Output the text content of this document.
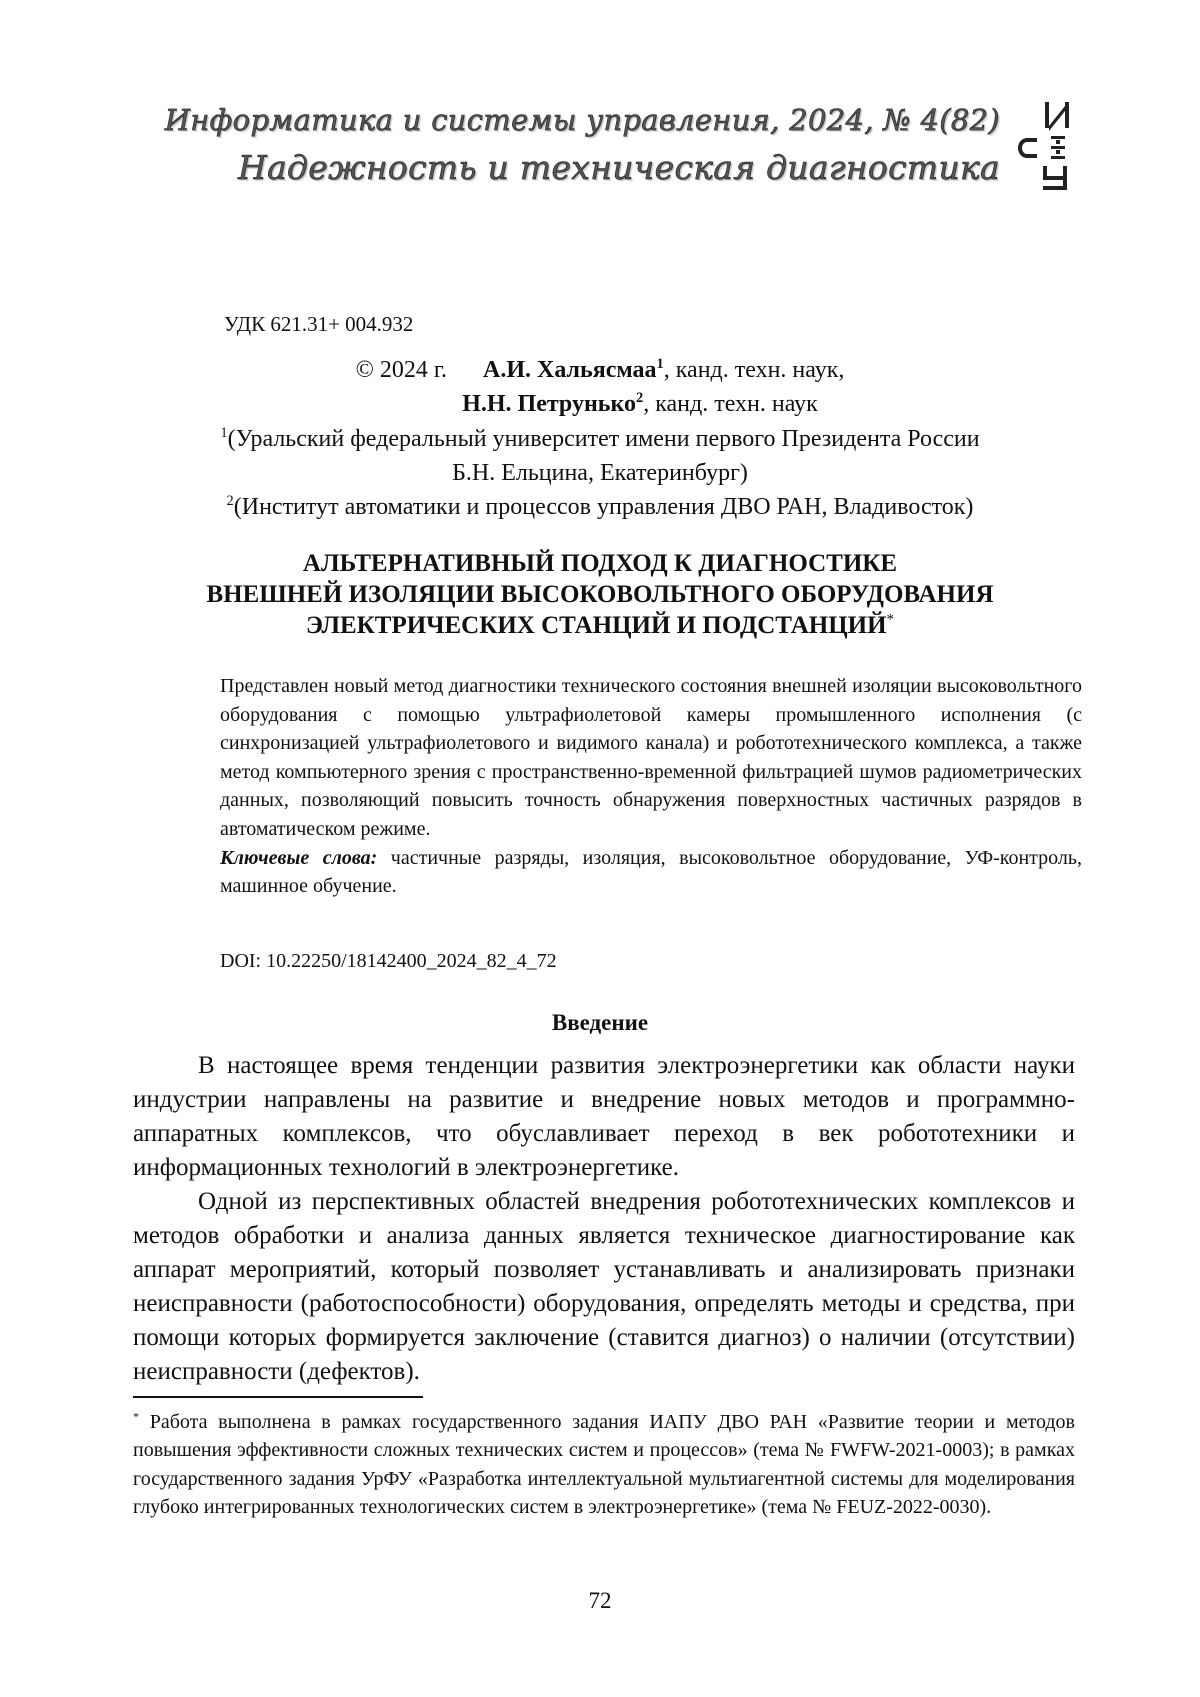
Информатика и системы управления, 2024, № 4(82)
Надежность и техническая диагностика
УДК 621.31+ 004.932
© 2024 г. А.И. Хальясмаа1, канд. техн. наук,
Н.Н. Петрунько2, канд. техн. наук
1(Уральский федеральный университет имени первого Президента России
Б.Н. Ельцина, Екатеринбург)
2(Институт автоматики и процессов управления ДВО РАН, Владивосток)
АЛЬТЕРНАТИВНЫЙ ПОДХОД К ДИАГНОСТИКЕ
ВНЕШНЕЙ ИЗОЛЯЦИИ ВЫСОКОВОЛЬТНОГО ОБОРУДОВАНИЯ
ЭЛЕКТРИЧЕСКИХ СТАНЦИЙ И ПОДСТАНЦИЙ*

Представлен новый метод диагностики технического состояния внешней изоляции высоковольтного оборудования с помощью ультрафиолетовой камеры промышленного исполнения (с синхронизацией ультрафиолетового и видимого канала) и робототехнического комплекса, а также метод компьютерного зрения с пространственно-временной фильтрацией шумов радиометрических данных, позволяющий повысить точность обнаружения поверхностных частичных разрядов в автоматическом режиме.

Ключевые слова: частичные разряды, изоляция, высоковольтное оборудование, УФ-контроль, машинное обучение.

DOI: 10.22250/18142400_2024_82_4_72
Введение

В настоящее время тенденции развития электроэнергетики как области науки индустрии направлены на развитие и внедрение новых методов и программно-аппаратных комплексов, что обуславливает переход в век робототехники и информационных технологий в электроэнергетике.

Одной из перспективных областей внедрения робототехнических комплексов и методов обработки и анализа данных является техническое диагностирование как аппарат мероприятий, который позволяет устанавливать и анализировать признаки неисправности (работоспособности) оборудования, определять методы и средства, при помощи которых формируется заключение (ставится диагноз) о наличии (отсутствии) неисправности (дефектов).

* Работа выполнена в рамках государственного задания ИАПУ ДВО РАН «Развитие теории и методов повышения эффективности сложных технических систем и процессов» (тема № FWFW-2021-0003); в рамках государственного задания УрФУ «Разработка интеллектуальной мультиагентной системы для моделирования глубоко интегрированных технологических систем в электроэнергетике» (тема № FEUZ-2022-0030).

72
